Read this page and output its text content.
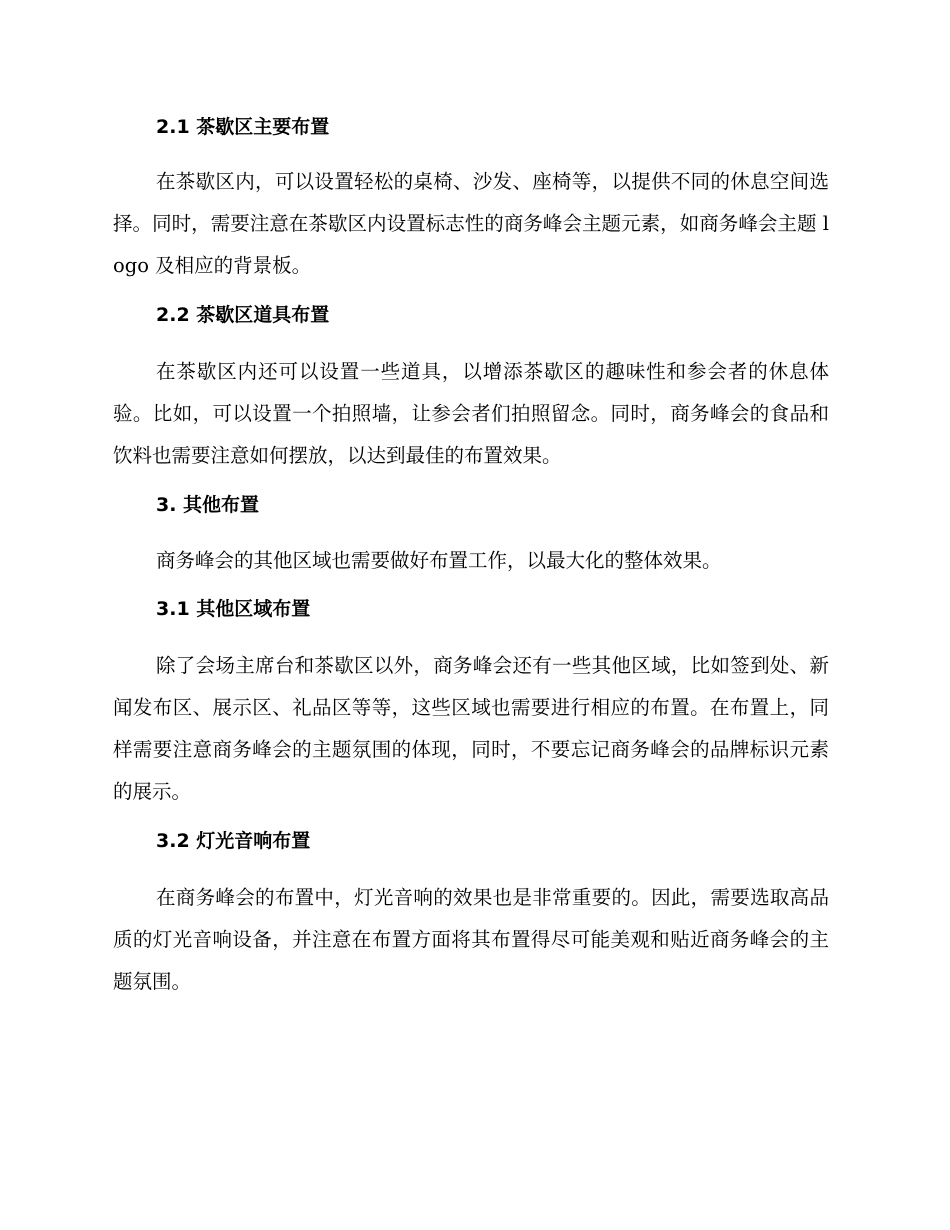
2.1 茶歇区主要布置

在茶歇区内，可以设置轻松的桌椅、沙发、座椅等，以提供不同的休息空间选择。同时，需要注意在茶歇区内设置标志性的商务峰会主题元素，如商务峰会主题 logo 及相应的背景板。

2.2 茶歇区道具布置

在茶歇区内还可以设置一些道具，以增添茶歇区的趣味性和参会者的休息体验。比如，可以设置一个拍照墙，让参会者们拍照留念。同时，商务峰会的食品和饮料也需要注意如何摆放，以达到最佳的布置效果。

3. 其他布置

商务峰会的其他区域也需要做好布置工作，以最大化的整体效果。

3.1 其他区域布置

除了会场主席台和茶歇区以外，商务峰会还有一些其他区域，比如签到处、新闻发布区、展示区、礼品区等等，这些区域也需要进行相应的布置。在布置上，同样需要注意商务峰会的主题氛围的体现，同时，不要忘记商务峰会的品牌标识元素的展示。

3.2 灯光音响布置

在商务峰会的布置中，灯光音响的效果也是非常重要的。因此，需要选取高品质的灯光音响设备，并注意在布置方面将其布置得尽可能美观和贴近商务峰会的主题氛围。
